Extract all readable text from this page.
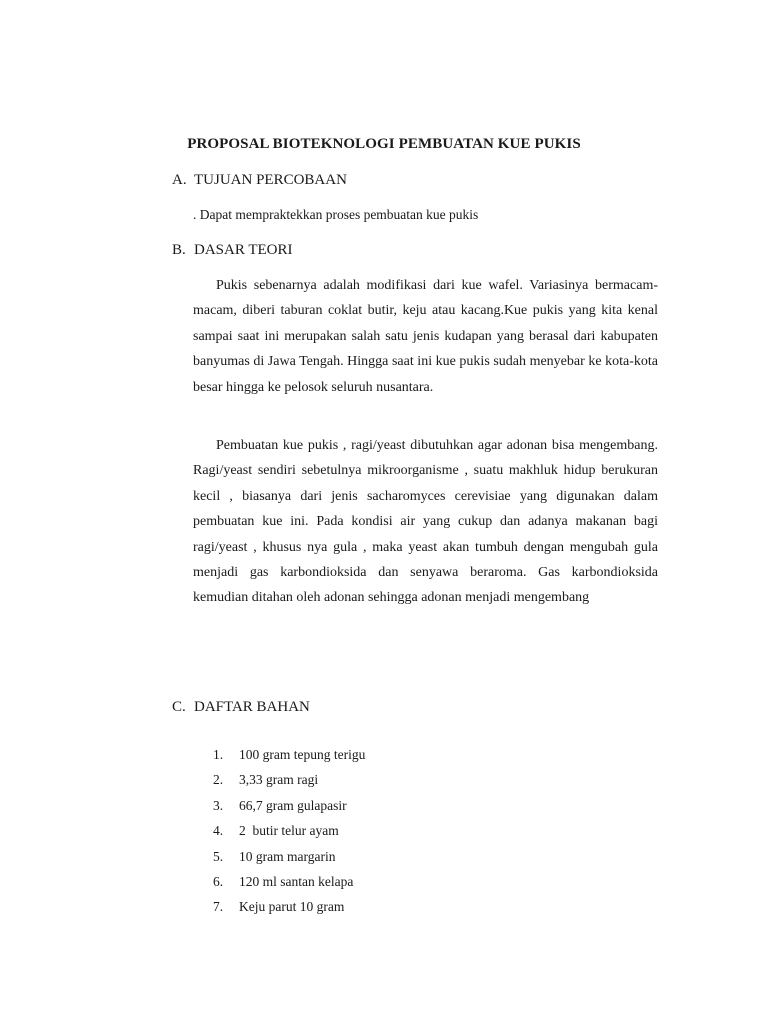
PROPOSAL BIOTEKNOLOGI PEMBUATAN KUE PUKIS
A. TUJUAN PERCOBAAN
. Dapat mempraktekkan proses pembuatan kue pukis
B. DASAR TEORI

Pukis sebenarnya adalah modifikasi dari kue wafel. Variasinya bermacam-macam, diberi taburan coklat butir, keju atau kacang.Kue pukis yang kita kenal sampai saat ini merupakan salah satu jenis kudapan yang berasal dari kabupaten banyumas di Jawa Tengah. Hingga saat ini kue pukis sudah menyebar ke kota-kota besar hingga ke pelosok seluruh nusantara.

Pembuatan kue pukis , ragi/yeast dibutuhkan agar adonan bisa mengembang. Ragi/yeast sendiri sebetulnya mikroorganisme , suatu makhluk hidup berukuran kecil , biasanya dari jenis sacharomyces cerevisiae yang digunakan dalam pembuatan kue ini. Pada kondisi air yang cukup dan adanya makanan bagi ragi/yeast , khusus nya gula , maka yeast akan tumbuh dengan mengubah gula menjadi gas karbondioksida dan senyawa beraroma. Gas karbondioksida kemudian ditahan oleh adonan sehingga adonan menjadi mengembang

C. DAFTAR BAHAN
1. 100 gram tepung terigu
2. 3,33 gram ragi
3. 66,7 gram gulapasir
4. 2  butir telur ayam
5. 10 gram margarin
6. 120 ml santan kelapa
7. Keju parut 10 gram
